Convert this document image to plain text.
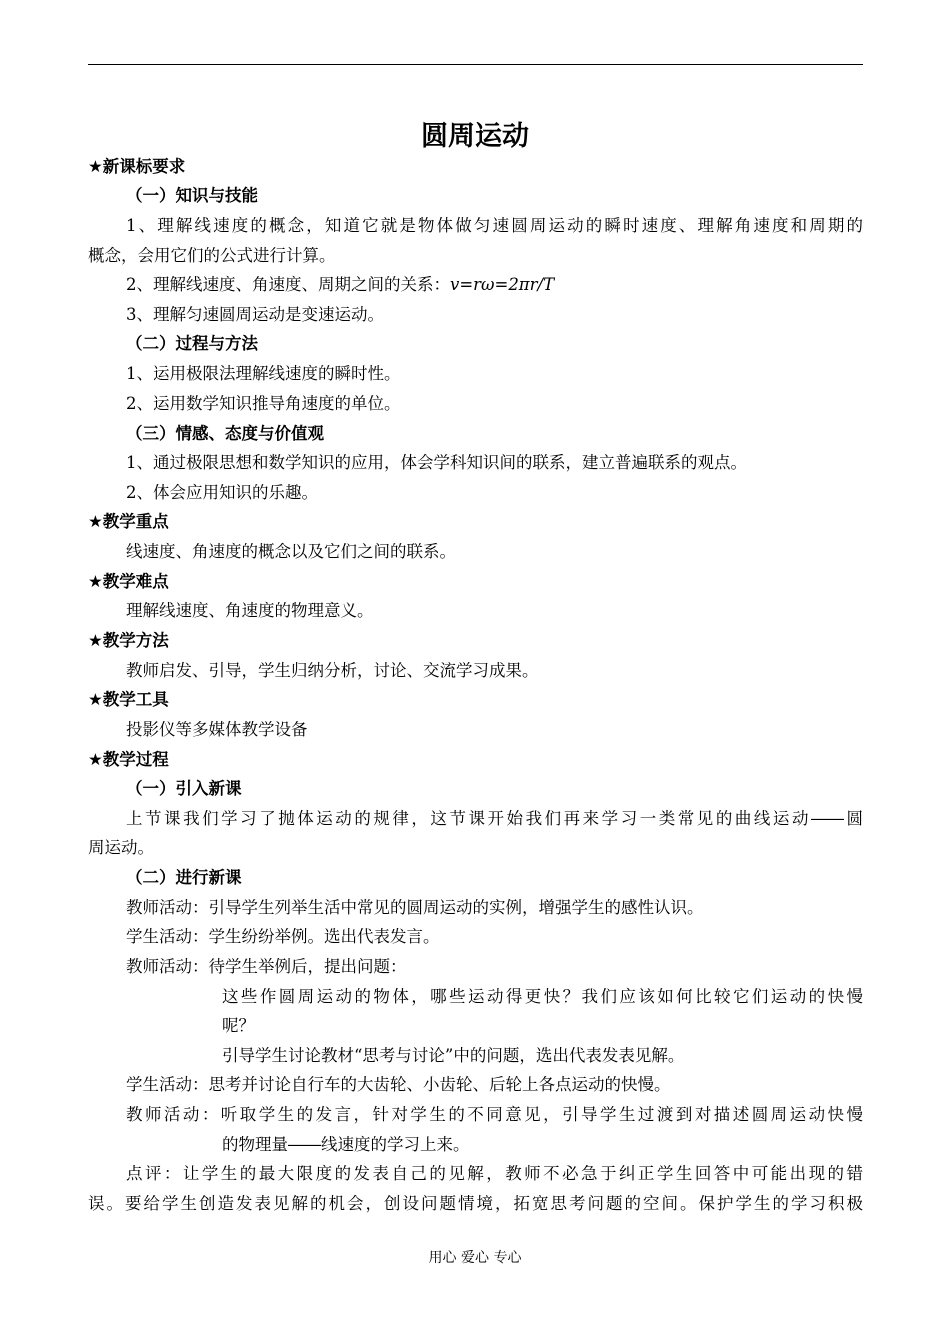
圆周运动
★新课标要求
（一）知识与技能
1、理解线速度的概念，知道它就是物体做匀速圆周运动的瞬时速度、理解角速度和周期的
概念，会用它们的公式进行计算。
2、理解线速度、角速度、周期之间的关系：v=rω=2πr/T
3、理解匀速圆周运动是变速运动。
（二）过程与方法
1、运用极限法理解线速度的瞬时性。
2、运用数学知识推导角速度的单位。
（三）情感、态度与价值观
1、通过极限思想和数学知识的应用，体会学科知识间的联系，建立普遍联系的观点。
2、体会应用知识的乐趣。
★教学重点
线速度、角速度的概念以及它们之间的联系。
★教学难点
理解线速度、角速度的物理意义。
★教学方法
教师启发、引导，学生归纳分析，讨论、交流学习成果。
★教学工具
投影仪等多媒体教学设备
★教学过程
（一）引入新课
上节课我们学习了抛体运动的规律，这节课开始我们再来学习一类常见的曲线运动――圆
周运动。
（二）进行新课
教师活动：引导学生列举生活中常见的圆周运动的实例，增强学生的感性认识。
学生活动：学生纷纷举例。选出代表发言。
教师活动：待学生举例后，提出问题：
这些作圆周运动的物体，哪些运动得更快？我们应该如何比较它们运动的快慢
呢？
引导学生讨论教材“思考与讨论”中的问题，选出代表发表见解。
学生活动：思考并讨论自行车的大齿轮、小齿轮、后轮上各点运动的快慢。
教师活动：听取学生的发言，针对学生的不同意见，引导学生过渡到对描述圆周运动快慢
的物理量――线速度的学习上来。
点评：让学生的最大限度的发表自己的见解，教师不必急于纠正学生回答中可能出现的错
误。要给学生创造发表见解的机会，创设问题情境，拓宽思考问题的空间。保护学生的学习积极
用心 爱心 专心
